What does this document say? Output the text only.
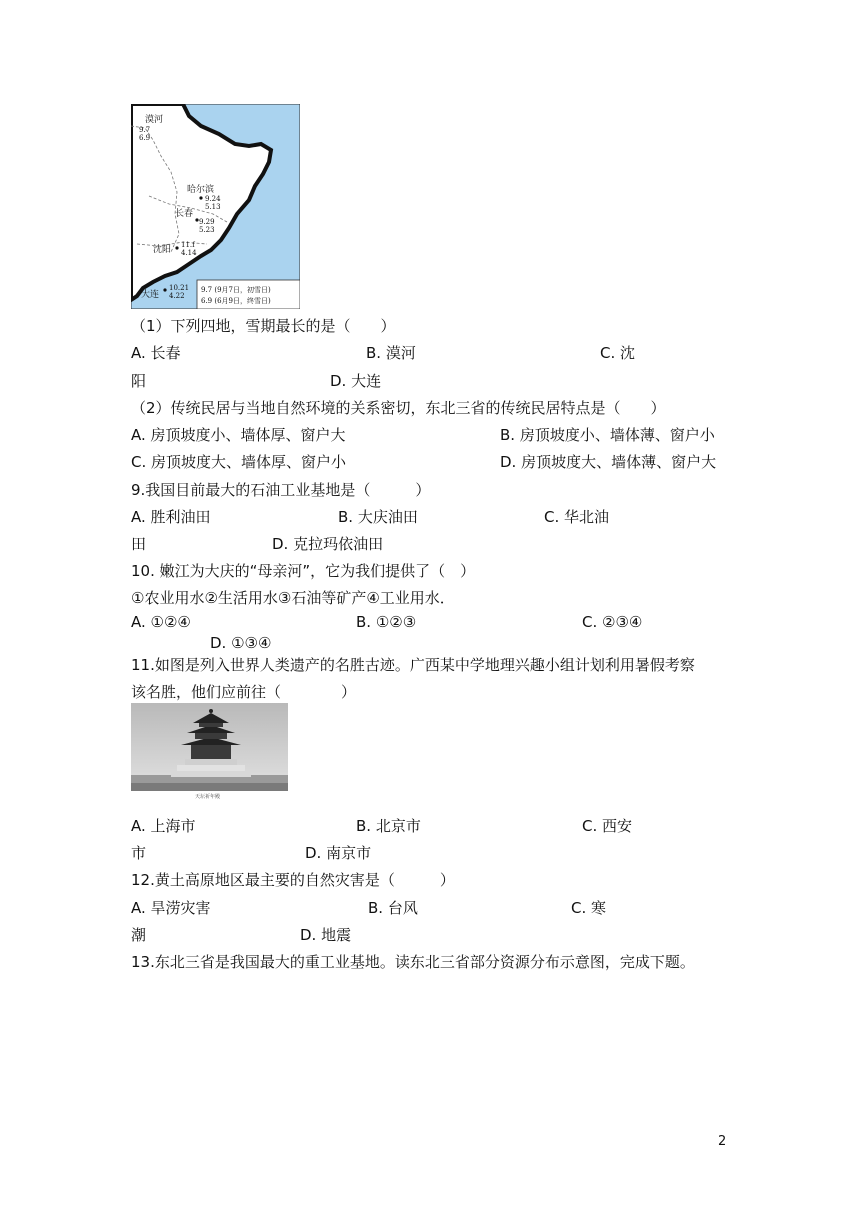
漠河
9.7
6.9
哈尔滨
9.24
5.13
长春
9.29
5.23
沈阳 11.f
4.14
大连
10.21
4.22
9.7 (9月7日，初雪日)
6.9 (6月9日，终雪日)
（1）下列四地，雪期最长的是（　　）
A. 长春	B. 漠河	C. 沈
阳	D. 大连
（2）传统民居与当地自然环境的关系密切，东北三省的传统民居特点是（　　）
A. 房顶坡度小、墙体厚、窗户大	B. 房顶坡度小、墙体薄、窗户小
C. 房顶坡度大、墙体厚、窗户小	D. 房顶坡度大、墙体薄、窗户大
9.我国目前最大的石油工业基地是（　　　）
A. 胜利油田	B. 大庆油田	C. 华北油
田	D. 克拉玛依油田
10. 嫩江为大庆的“母亲河”，它为我们提供了（　）
①农业用水②生活用水③石油等矿产④工业用水．
A. ①②④	B. ①②③	C. ②③④
D. ①③④
11.如图是列入世界人类遗产的名胜古迹。广西某中学地理兴趣小组计划利用暑假考察
该名胜，他们应前往（　　　　）
天坛祈年殿
A. 上海市	B. 北京市	C. 西安
市	D. 南京市
12.黄土高原地区最主要的自然灾害是（　　　）
A. 旱涝灾害	B. 台风	C. 寒
潮	D. 地震
13.东北三省是我国最大的重工业基地。读东北三省部分资源分布示意图，完成下题。
2
